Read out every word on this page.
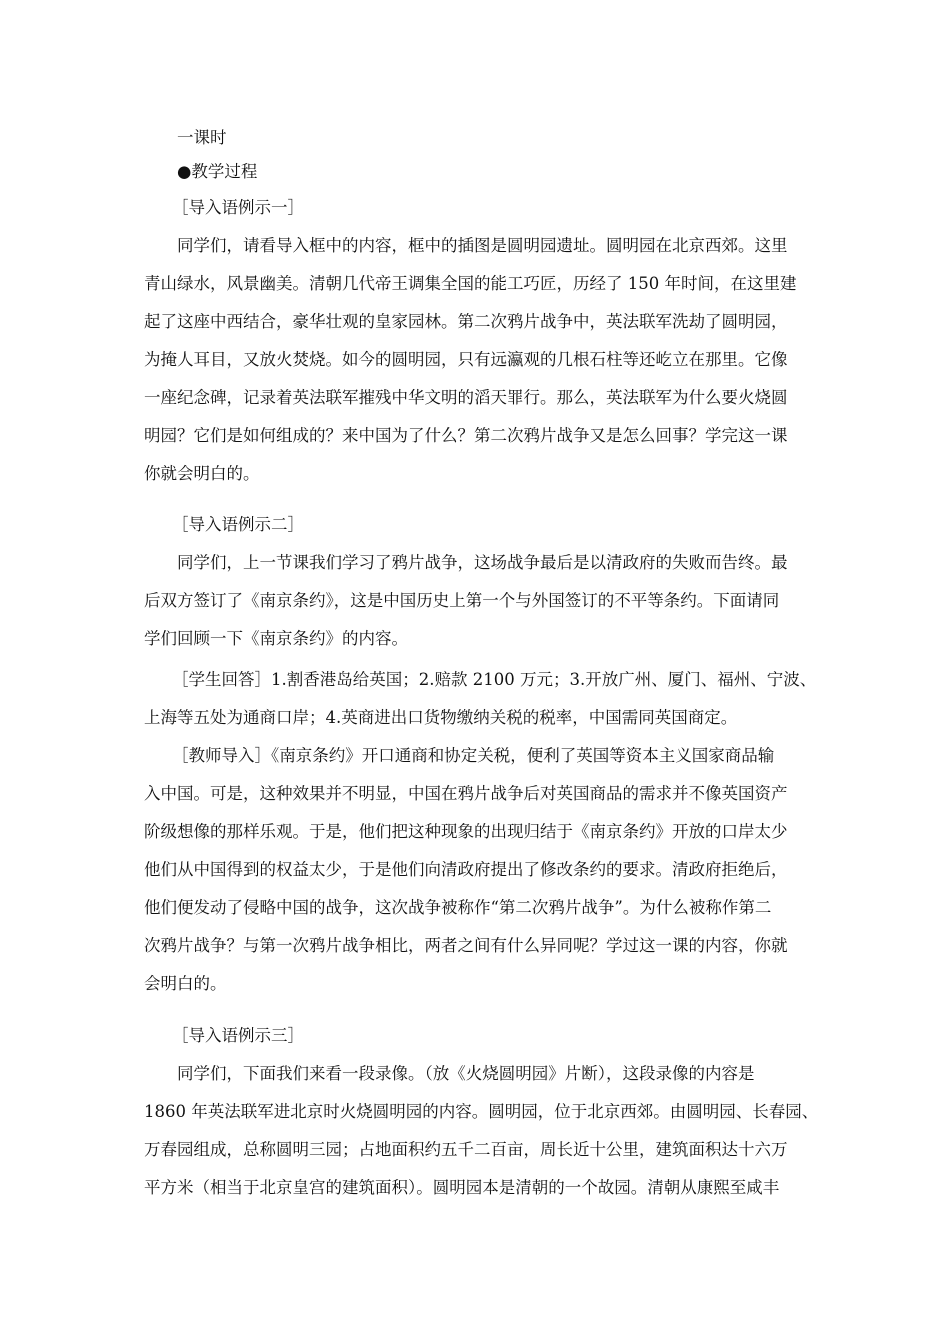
一课时
●教学过程
［导入语例示一］
同学们，请看导入框中的内容，框中的插图是圆明园遗址。圆明园在北京西郊。这里
青山绿水，风景幽美。清朝几代帝王调集全国的能工巧匠，历经了 150 年时间，在这里建
起了这座中西结合，豪华壮观的皇家园林。第二次鸦片战争中，英法联军洗劫了圆明园，
为掩人耳目，又放火焚烧。如今的圆明园，只有远瀛观的几根石柱等还屹立在那里。它像
一座纪念碑，记录着英法联军摧残中华文明的滔天罪行。那么，英法联军为什么要火烧圆
明园？它们是如何组成的？来中国为了什么？第二次鸦片战争又是怎么回事？学完这一课
你就会明白的。
［导入语例示二］
同学们，上一节课我们学习了鸦片战争，这场战争最后是以清政府的失败而告终。最
后双方签订了《南京条约》，这是中国历史上第一个与外国签订的不平等条约。下面请同
学们回顾一下《南京条约》的内容。
［学生回答］1.割香港岛给英国；2.赔款 2100 万元；3.开放广州、厦门、福州、宁波、
上海等五处为通商口岸；4.英商进出口货物缴纳关税的税率，中国需同英国商定。
［教师导入］《南京条约》开口通商和协定关税，便利了英国等资本主义国家商品输
入中国。可是，这种效果并不明显，中国在鸦片战争后对英国商品的需求并不像英国资产
阶级想像的那样乐观。于是，他们把这种现象的出现归结于《南京条约》开放的口岸太少
他们从中国得到的权益太少，于是他们向清政府提出了修改条约的要求。清政府拒绝后，
他们便发动了侵略中国的战争，这次战争被称作“第二次鸦片战争”。为什么被称作第二
次鸦片战争？与第一次鸦片战争相比，两者之间有什么异同呢？学过这一课的内容，你就
会明白的。
［导入语例示三］
同学们，下面我们来看一段录像。（放《火烧圆明园》片断），这段录像的内容是
1860 年英法联军进北京时火烧圆明园的内容。圆明园，位于北京西郊。由圆明园、长春园、
万春园组成，总称圆明三园；占地面积约五千二百亩，周长近十公里，建筑面积达十六万
平方米（相当于北京皇宫的建筑面积）。圆明园本是清朝的一个故园。清朝从康熙至咸丰
